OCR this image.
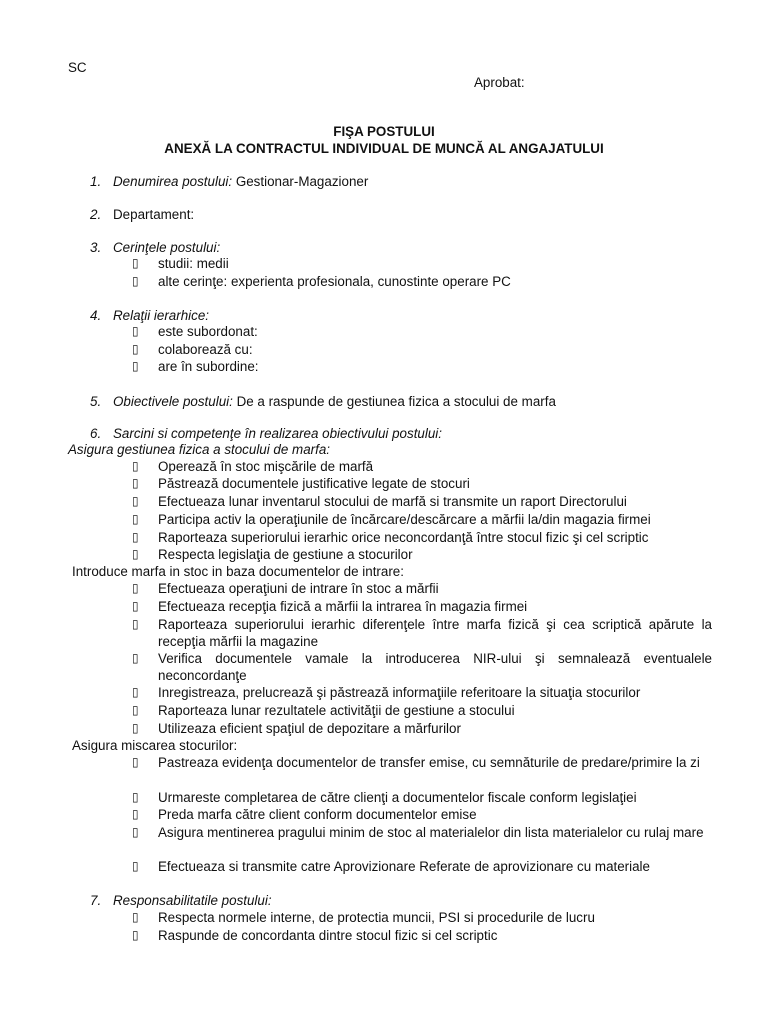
SC
Aprobat:
FIŞA POSTULUI
ANEXĂ LA CONTRACTUL INDIVIDUAL DE MUNCĂ AL ANGAJATULUI
1. Denumirea postului: Gestionar-Magazioner
2. Departament:
3. Cerinţele postului:
▯ studii: medii
▯ alte cerinţe: experienta profesionala, cunostinte operare PC
4. Relaţii ierarhice:
▯ este subordonat:
▯ colaborează cu:
▯ are în subordine:
5. Obiectivele postului: De a raspunde de gestiunea fizica a stocului de marfa
6. Sarcini si competenţe în realizarea obiectivului postului:
Asigura gestiunea fizica a stocului de marfa:
▯ Operează în stoc mişcările de marfă
▯ Păstrează documentele justificative legate de stocuri
▯ Efectueaza lunar inventarul stocului de marfă si transmite un raport Directorului
▯ Participa activ la operaţiunile de încărcare/descărcare a mărfii la/din magazia firmei
▯ Raporteaza superiorului ierarhic orice neconcordanţă între stocul fizic şi cel scriptic
▯ Respecta legislaţia de gestiune a stocurilor
Introduce marfa in stoc in baza documentelor de intrare:
▯ Efectueaza operaţiuni de intrare în stoc a mărfii
▯ Efectueaza recepţia fizică a mărfii la intrarea în magazia firmei
▯ Raporteaza superiorului ierarhic diferenţele între marfa fizică şi cea scriptică apărute la recepţia mărfii la magazine
▯ Verifica documentele vamale la introducerea NIR-ului şi semnalează eventualele neconcordanţe
▯ Inregistreaza, prelucrează şi păstrează informaţiile referitoare la situaţia stocurilor
▯ Raporteaza lunar rezultatele activităţii de gestiune a stocului
▯ Utilizeaza eficient spaţiul de depozitare a mărfurilor
Asigura miscarea stocurilor:
▯ Pastreaza evidenţa documentelor de transfer emise, cu semnăturile de predare/primire la zi
▯ Urmareste completarea de către clienţi a documentelor fiscale conform legislaţiei
▯ Preda marfa către client conform documentelor emise
▯ Asigura mentinerea pragului minim de stoc al materialelor din lista materialelor cu rulaj mare
▯ Efectueaza si transmite catre Aprovizionare Referate de aprovizionare cu materiale
7. Responsabilitatile postului:
▯ Respecta normele interne, de protectia muncii, PSI si procedurile de lucru
▯ Raspunde de concordanta dintre stocul fizic si cel scriptic
